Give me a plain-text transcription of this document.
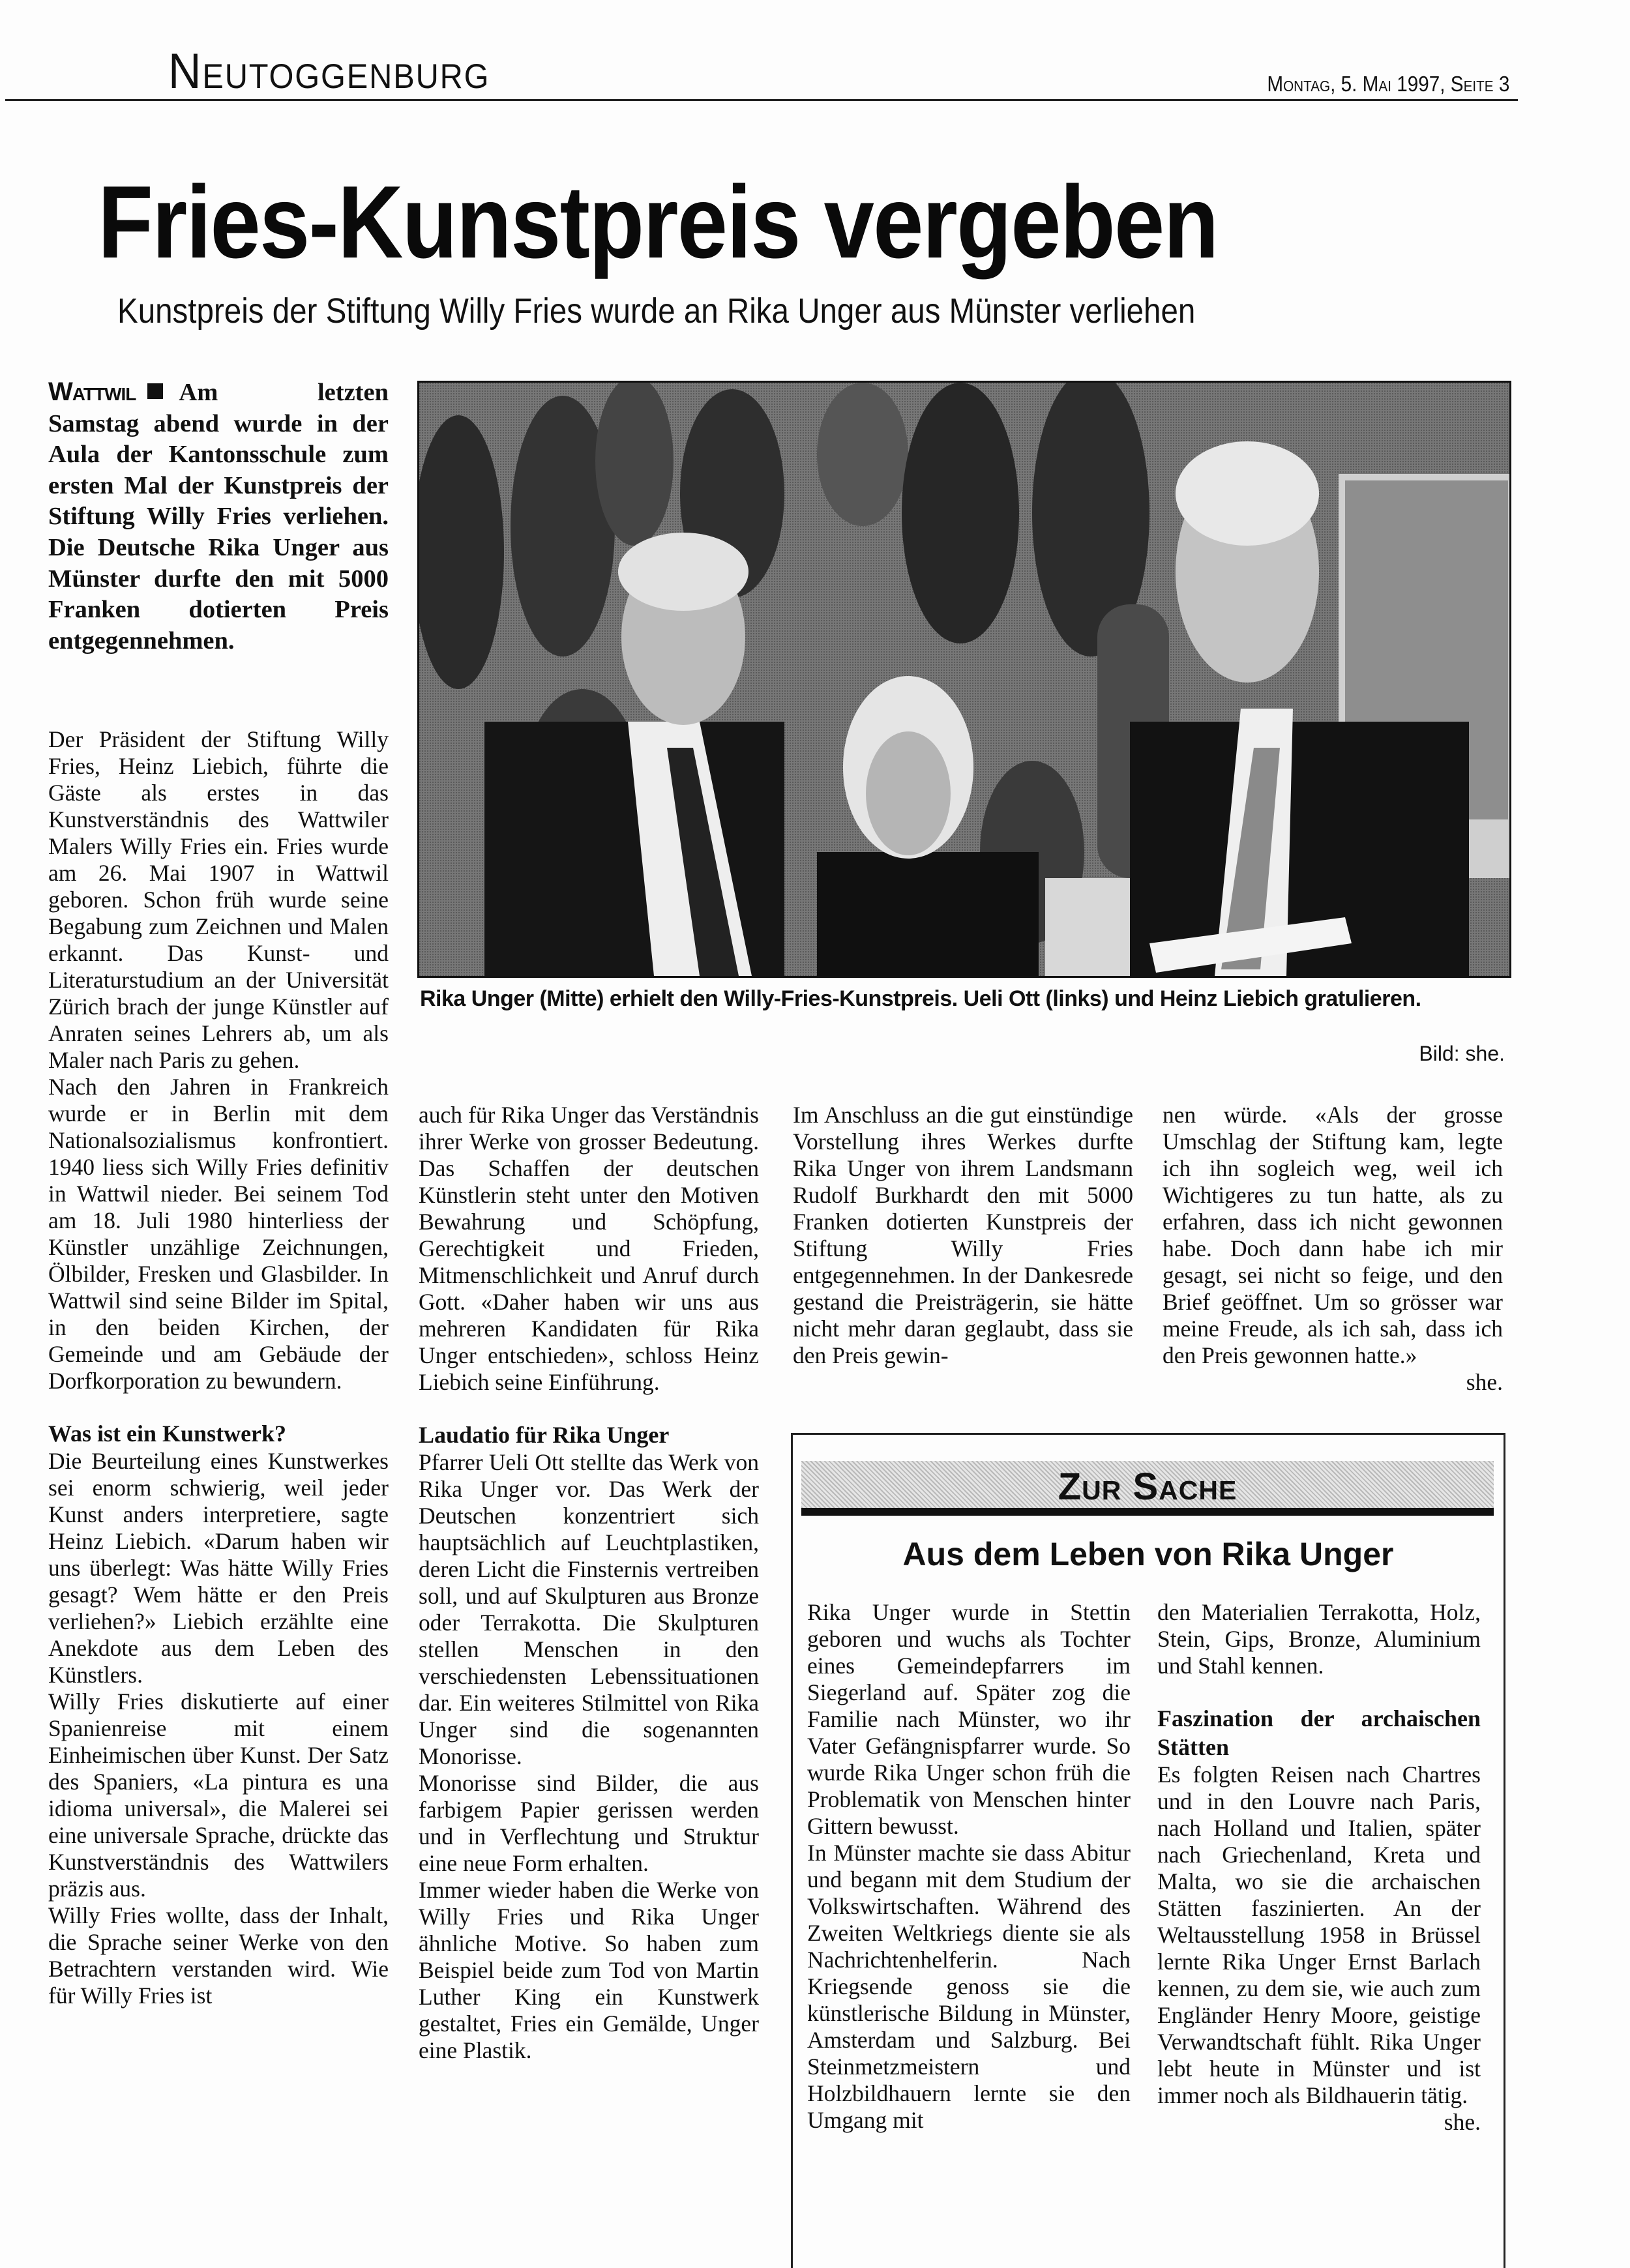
Neutoggenburg	Montag, 5. Mai 1997, Seite 3
Fries-Kunstpreis vergeben
Kunstpreis der Stiftung Willy Fries wurde an Rika Unger aus Münster verliehen
Wattwil Am letzten Samstag abend wurde in der Aula der Kantonsschule zum ersten Mal der Kunstpreis der Stiftung Willy Fries verliehen. Die Deutsche Rika Unger aus Münster durfte den mit 5000 Franken dotierten Preis entgegennehmen.
Rika Unger (Mitte) erhielt den Willy-Fries-Kunstpreis. Ueli Ott (links) und Heinz Liebich gratulieren.
Bild: she.

Der Präsident der Stiftung Willy Fries, Heinz Liebich, führte die Gäste als erstes in das Kunstverständnis des Wattwiler Malers Willy Fries ein. Fries wurde am 26. Mai 1907 in Wattwil geboren. Schon früh wurde seine Begabung zum Zeichnen und Malen erkannt. Das Kunst- und Literaturstudium an der Universität Zürich brach der junge Künstler auf Anraten seines Lehrers ab, um als Maler nach Paris zu gehen.

Nach den Jahren in Frankreich wurde er in Berlin mit dem Nationalsozialismus konfrontiert. 1940 liess sich Willy Fries definitiv in Wattwil nieder. Bei seinem Tod am 18. Juli 1980 hinterliess der Künstler unzählige Zeichnungen, Ölbilder, Fresken und Glasbilder. In Wattwil sind seine Bilder im Spital, in den beiden Kirchen, der Gemeinde und am Gebäude der Dorfkorporation zu bewundern.

Was ist ein Kunstwerk?

Die Beurteilung eines Kunstwerkes sei enorm schwierig, weil jeder Kunst anders interpretiere, sagte Heinz Liebich. «Darum haben wir uns überlegt: Was hätte Willy Fries gesagt? Wem hätte er den Preis verliehen?» Liebich erzählte eine Anekdote aus dem Leben des Künstlers.

Willy Fries diskutierte auf einer Spanienreise mit einem Einheimischen über Kunst. Der Satz des Spaniers, «La pintura es una idioma universal», die Malerei sei eine universale Sprache, drückte das Kunstverständnis des Wattwilers präzis aus.

Willy Fries wollte, dass der Inhalt, die Sprache seiner Werke von den Betrachtern verstanden wird. Wie für Willy Fries ist

auch für Rika Unger das Verständnis ihrer Werke von grosser Bedeutung. Das Schaffen der deutschen Künstlerin steht unter den Motiven Bewahrung und Schöpfung, Gerechtigkeit und Frieden, Mitmenschlichkeit und Anruf durch Gott. «Daher haben wir uns aus mehreren Kandidaten für Rika Unger entschieden», schloss Heinz Liebich seine Einführung.

Laudatio für Rika Unger

Pfarrer Ueli Ott stellte das Werk von Rika Unger vor. Das Werk der Deutschen konzentriert sich hauptsächlich auf Leuchtplastiken, deren Licht die Finsternis vertreiben soll, und auf Skulpturen aus Bronze oder Terrakotta. Die Skulpturen stellen Menschen in den verschiedensten Lebenssituationen dar. Ein weiteres Stilmittel von Rika Unger sind die sogenannten Monorisse.

Monorisse sind Bilder, die aus farbigem Papier gerissen werden und in Verflechtung und Struktur eine neue Form erhalten.

Immer wieder haben die Werke von Willy Fries und Rika Unger ähnliche Motive. So haben zum Beispiel beide zum Tod von Martin Luther King ein Kunstwerk gestaltet, Fries ein Gemälde, Unger eine Plastik.

Im Anschluss an die gut einstündige Vorstellung ihres Werkes durfte Rika Unger von ihrem Landsmann Rudolf Burkhardt den mit 5000 Franken dotierten Kunstpreis der Stiftung Willy Fries entgegennehmen. In der Dankesrede gestand die Preisträgerin, sie hätte nicht mehr daran geglaubt, dass sie den Preis gewin-

nen würde. «Als der grosse Umschlag der Stiftung kam, legte ich ihn sogleich weg, weil ich Wichtigeres zu tun hatte, als zu erfahren, dass ich nicht gewonnen habe. Doch dann habe ich mir gesagt, sei nicht so feige, und den Brief geöffnet. Um so grösser war meine Freude, als ich sah, dass ich den Preis gewonnen hatte.»

she.

Zur Sache
Aus dem Leben von Rika Unger

Rika Unger wurde in Stettin geboren und wuchs als Tochter eines Gemeindepfarrers im Siegerland auf. Später zog die Familie nach Münster, wo ihr Vater Gefängnispfarrer wurde. So wurde Rika Unger schon früh die Problematik von Menschen hinter Gittern bewusst.

In Münster machte sie dass Abitur und begann mit dem Studium der Volkswirtschaften. Während des Zweiten Weltkriegs diente sie als Nachrichtenhelferin. Nach Kriegsende genoss sie die künstlerische Bildung in Münster, Amsterdam und Salzburg. Bei Steinmetzmeistern und Holzbildhauern lernte sie den Umgang mit

den Materialien Terrakotta, Holz, Stein, Gips, Bronze, Aluminium und Stahl kennen.

Faszination der archaischen Stätten

Es folgten Reisen nach Chartres und in den Louvre nach Paris, nach Holland und Italien, später nach Griechenland, Kreta und Malta, wo sie die archaischen Stätten faszinierten. An der Weltausstellung 1958 in Brüssel lernte Rika Unger Ernst Barlach kennen, zu dem sie, wie auch zum Engländer Henry Moore, geistige Verwandtschaft fühlt. Rika Unger lebt heute in Münster und ist immer noch als Bildhauerin tätig.

she.
